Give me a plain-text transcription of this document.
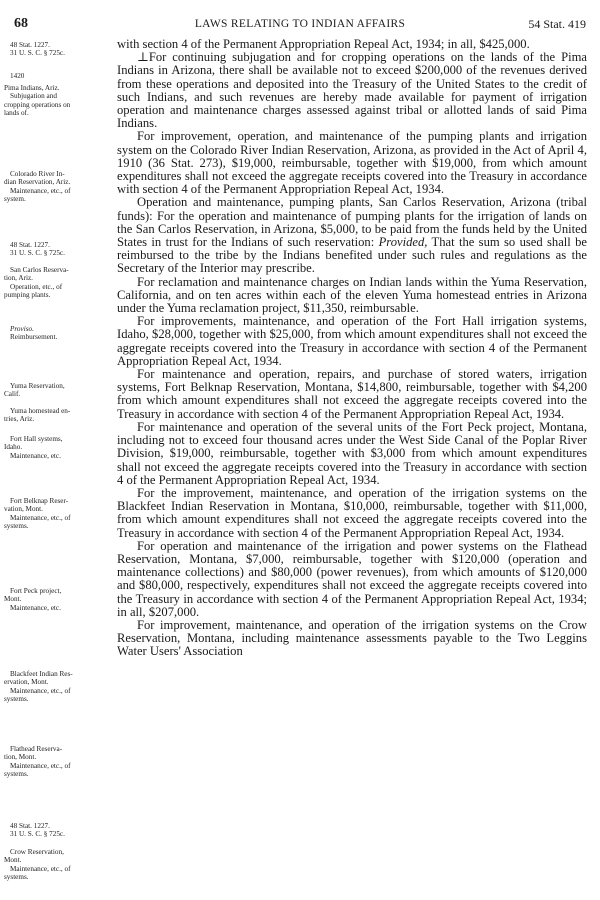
68	LAWS RELATING TO INDIAN AFFAIRS	54 Stat. 419
48 Stat. 1227.
31 U. S. C. § 725c.
1420
Pima Indians, Ariz.
Subjugation and
cropping operations on
lands of.
Colorado River In-
dian Reservation, Ariz.
Maintenance, etc., of
system.
48 Stat. 1227.
31 U. S. C. § 725c.
San Carlos Reserva-
tion, Ariz.
Operation, etc., of
pumping plants.
Proviso.
Reimbursement.
Yuma Reservation,
Calif.
Yuma homestead en-
tries, Ariz.
Fort Hall systems,
Idaho.
Maintenance, etc.
Fort Belknap Reser-
vation, Mont.
Maintenance, etc., of
systems.
Fort Peck project,
Mont.
Maintenance, etc.
Blackfeet Indian Res-
ervation, Mont.
Maintenance, etc., of
systems.
Flathead Reserva-
tion, Mont.
Maintenance, etc., of
systems.
48 Stat. 1227.
31 U. S. C. § 725c.
Crow Reservation,
Mont.
Maintenance, etc., of
systems.

with section 4 of the Permanent Appropriation Repeal Act, 1934; in all, $425,000.

⊥For continuing subjugation and for cropping operations on the lands of the Pima Indians in Arizona, there shall be available not to exceed $200,000 of the revenues derived from these operations and deposited into the Treasury of the United States to the credit of such Indians, and such revenues are hereby made available for payment of irrigation operation and maintenance charges assessed against tribal or allotted lands of said Pima Indians.

For improvement, operation, and maintenance of the pumping plants and irrigation system on the Colorado River Indian Reservation, Arizona, as provided in the Act of April 4, 1910 (36 Stat. 273), $19,000, reimbursable, together with $19,000, from which amount expenditures shall not exceed the aggregate receipts covered into the Treasury in accordance with section 4 of the Permanent Appropriation Repeal Act, 1934.

Operation and maintenance, pumping plants, San Carlos Reservation, Arizona (tribal funds): For the operation and maintenance of pumping plants for the irrigation of lands on the San Carlos Reservation, in Arizona, $5,000, to be paid from the funds held by the United States in trust for the Indians of such reservation: Provided, That the sum so used shall be reimbursed to the tribe by the Indians benefited under such rules and regulations as the Secretary of the Interior may prescribe.

For reclamation and maintenance charges on Indian lands within the Yuma Reservation, California, and on ten acres within each of the eleven Yuma homestead entries in Arizona under the Yuma reclamation project, $11,350, reimbursable.

For improvements, maintenance, and operation of the Fort Hall irrigation systems, Idaho, $28,000, together with $25,000, from which amount expenditures shall not exceed the aggregate receipts covered into the Treasury in accordance with section 4 of the Permanent Appropriation Repeal Act, 1934.

For maintenance and operation, repairs, and purchase of stored waters, irrigation systems, Fort Belknap Reservation, Montana, $14,800, reimbursable, together with $4,200 from which amount expenditures shall not exceed the aggregate receipts covered into the Treasury in accordance with section 4 of the Permanent Appropriation Repeal Act, 1934.

For maintenance and operation of the several units of the Fort Peck project, Montana, including not to exceed four thousand acres under the West Side Canal of the Poplar River Division, $19,000, reimbursable, together with $3,000 from which amount expenditures shall not exceed the aggregate receipts covered into the Treasury in accordance with section 4 of the Permanent Appropriation Repeal Act, 1934.

For the improvement, maintenance, and operation of the irrigation systems on the Blackfeet Indian Reservation in Montana, $10,000, reimbursable, together with $11,000, from which amount expenditures shall not exceed the aggregate receipts covered into the Treasury in accordance with section 4 of the Permanent Appropriation Repeal Act, 1934.

For operation and maintenance of the irrigation and power systems on the Flathead Reservation, Montana, $7,000, reimbursable, together with $120,000 (operation and maintenance collections) and $80,000 (power revenues), from which amounts of $120,000 and $80,000, respectively, expenditures shall not exceed the aggregate receipts covered into the Treasury in accordance with section 4 of the Permanent Appropriation Repeal Act, 1934; in all, $207,000.

For improvement, maintenance, and operation of the irrigation systems on the Crow Reservation, Montana, including maintenance assessments payable to the Two Leggins Water Users' Association
